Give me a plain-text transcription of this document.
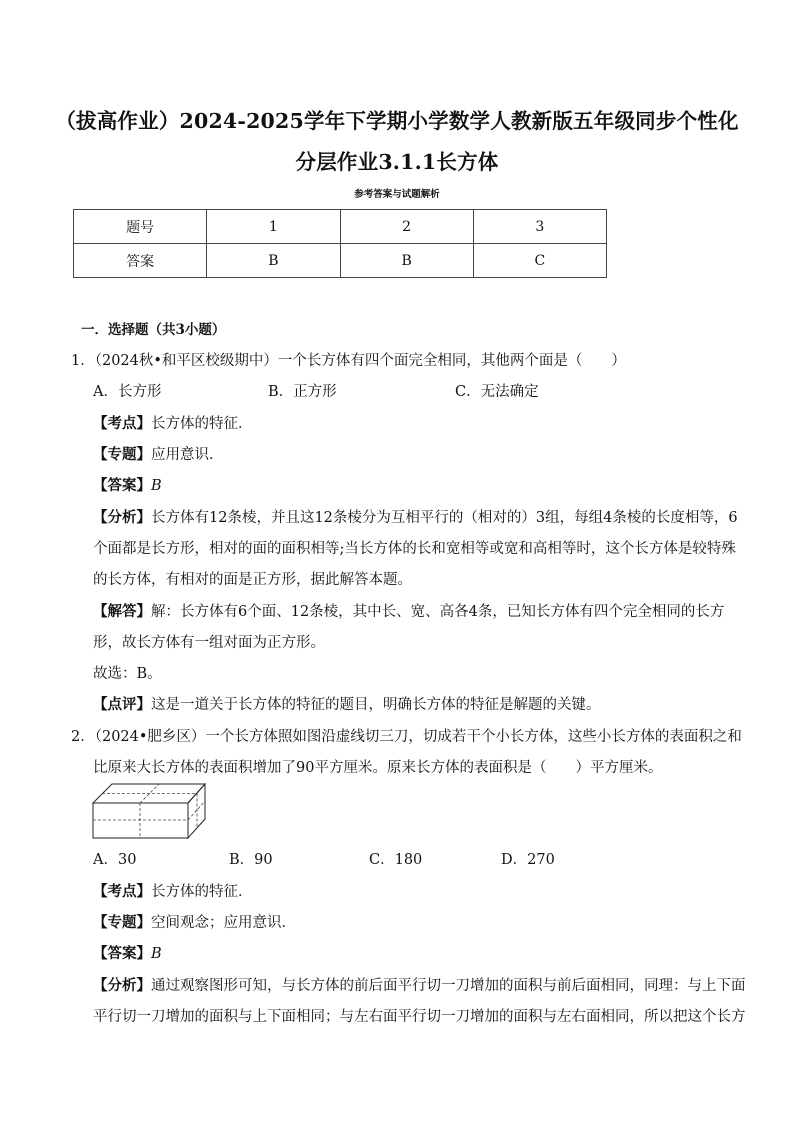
（拔高作业）2024-2025学年下学期小学数学人教新版五年级同步个性化
分层作业3.1.1长方体
参考答案与试题解析
题号	1	2	3
答案	B	B	C
一．选择题（共3小题）
1．（2024秋•和平区校级期中）一个长方体有四个面完全相同，其他两个面是（　　）
A．长方形	B．正方形	C．无法确定
【考点】长方体的特征．
【专题】应用意识．
【答案】B
【分析】长方体有12条棱，并且这12条棱分为互相平行的（相对的）3组，每组4条棱的长度相等，6
个面都是长方形，相对的面的面积相等;当长方体的长和宽相等或宽和高相等时，这个长方体是较特殊
的长方体，有相对的面是正方形，据此解答本题。
【解答】解：长方体有6个面、12条棱，其中长、宽、高各4条，已知长方体有四个完全相同的长方
形，故长方体有一组对面为正方形。
故选：B。
【点评】这是一道关于长方体的特征的题目，明确长方体的特征是解题的关键。
2．（2024•肥乡区）一个长方体照如图沿虚线切三刀，切成若干个小长方体，这些小长方体的表面积之和
比原来大长方体的表面积增加了90平方厘米。原来长方体的表面积是（　　）平方厘米。
A．30	B．90	C．180	D．270
【考点】长方体的特征．
【专题】空间观念；应用意识．
【答案】B
【分析】通过观察图形可知，与长方体的前后面平行切一刀增加的面积与前后面相同，同理：与上下面
平行切一刀增加的面积与上下面相同；与左右面平行切一刀增加的面积与左右面相同，所以把这个长方
